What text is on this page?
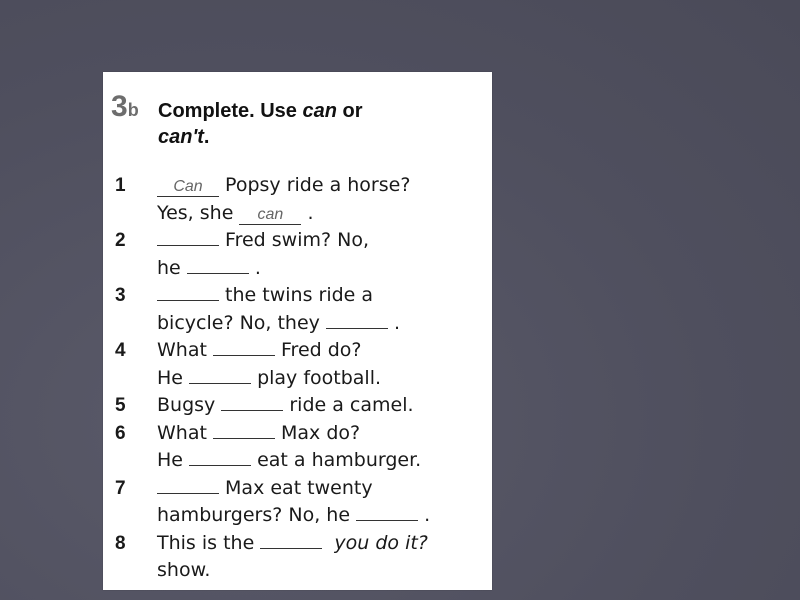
3b Complete. Use can or
can't.
1	Can Popsy ride a horse?
Yes, she can .
2	Fred swim? No,
he	.
3	the twins ride a
bicycle? No, they	.
4	What	Fred do?
He	play football.
5	Bugsy	ride a camel.
6	What	Max do?
He	eat a hamburger.
7	Max eat twenty
hamburgers? No, he	.
8	This is the	you do it?
show.
